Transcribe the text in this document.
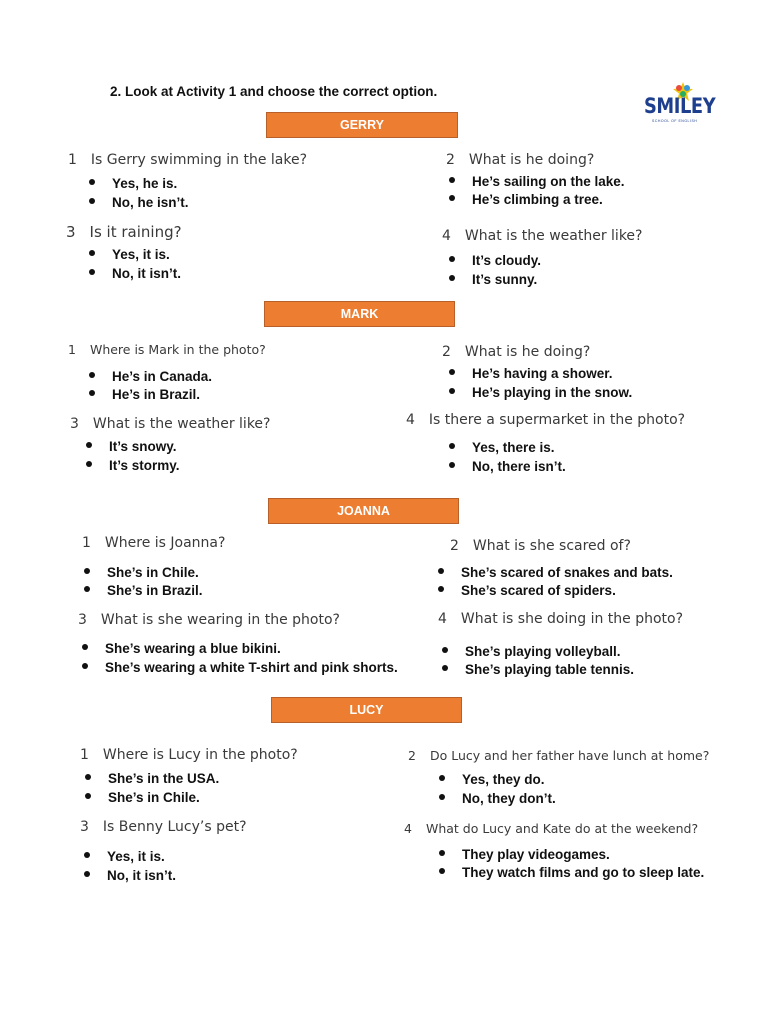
2. Look at Activity 1 and choose the correct option.
SMILEY
SCHOOL OF ENGLISH
GERRY
1 Is Gerry swimming in the lake?
Yes, he is.
No, he isn’t.
2 What is he doing?
He’s sailing on the lake.
He’s climbing a tree.
3 Is it raining?
Yes, it is.
No, it isn’t.
4 What is the weather like?
It’s cloudy.
It’s sunny.
MARK
1 Where is Mark in the photo?
He’s in Canada.
He’s in Brazil.
2 What is he doing?
He’s having a shower.
He’s playing in the snow.
3 What is the weather like?
It’s snowy.
It’s stormy.
4 Is there a supermarket in the photo?
Yes, there is.
No, there isn’t.
JOANNA
1 Where is Joanna?
She’s in Chile.
She’s in Brazil.
2 What is she scared of?
She’s scared of snakes and bats.
She’s scared of spiders.
3 What is she wearing in the photo?
She’s wearing a blue bikini.
She’s wearing a white T-shirt and pink shorts.
4 What is she doing in the photo?
She’s playing volleyball.
She’s playing table tennis.
LUCY
1 Where is Lucy in the photo?
She’s in the USA.
She’s in Chile.
2 Do Lucy and her father have lunch at home?
Yes, they do.
No, they don’t.
3 Is Benny Lucy’s pet?
Yes, it is.
No, it isn’t.
4 What do Lucy and Kate do at the weekend?
They play videogames.
They watch films and go to sleep late.
